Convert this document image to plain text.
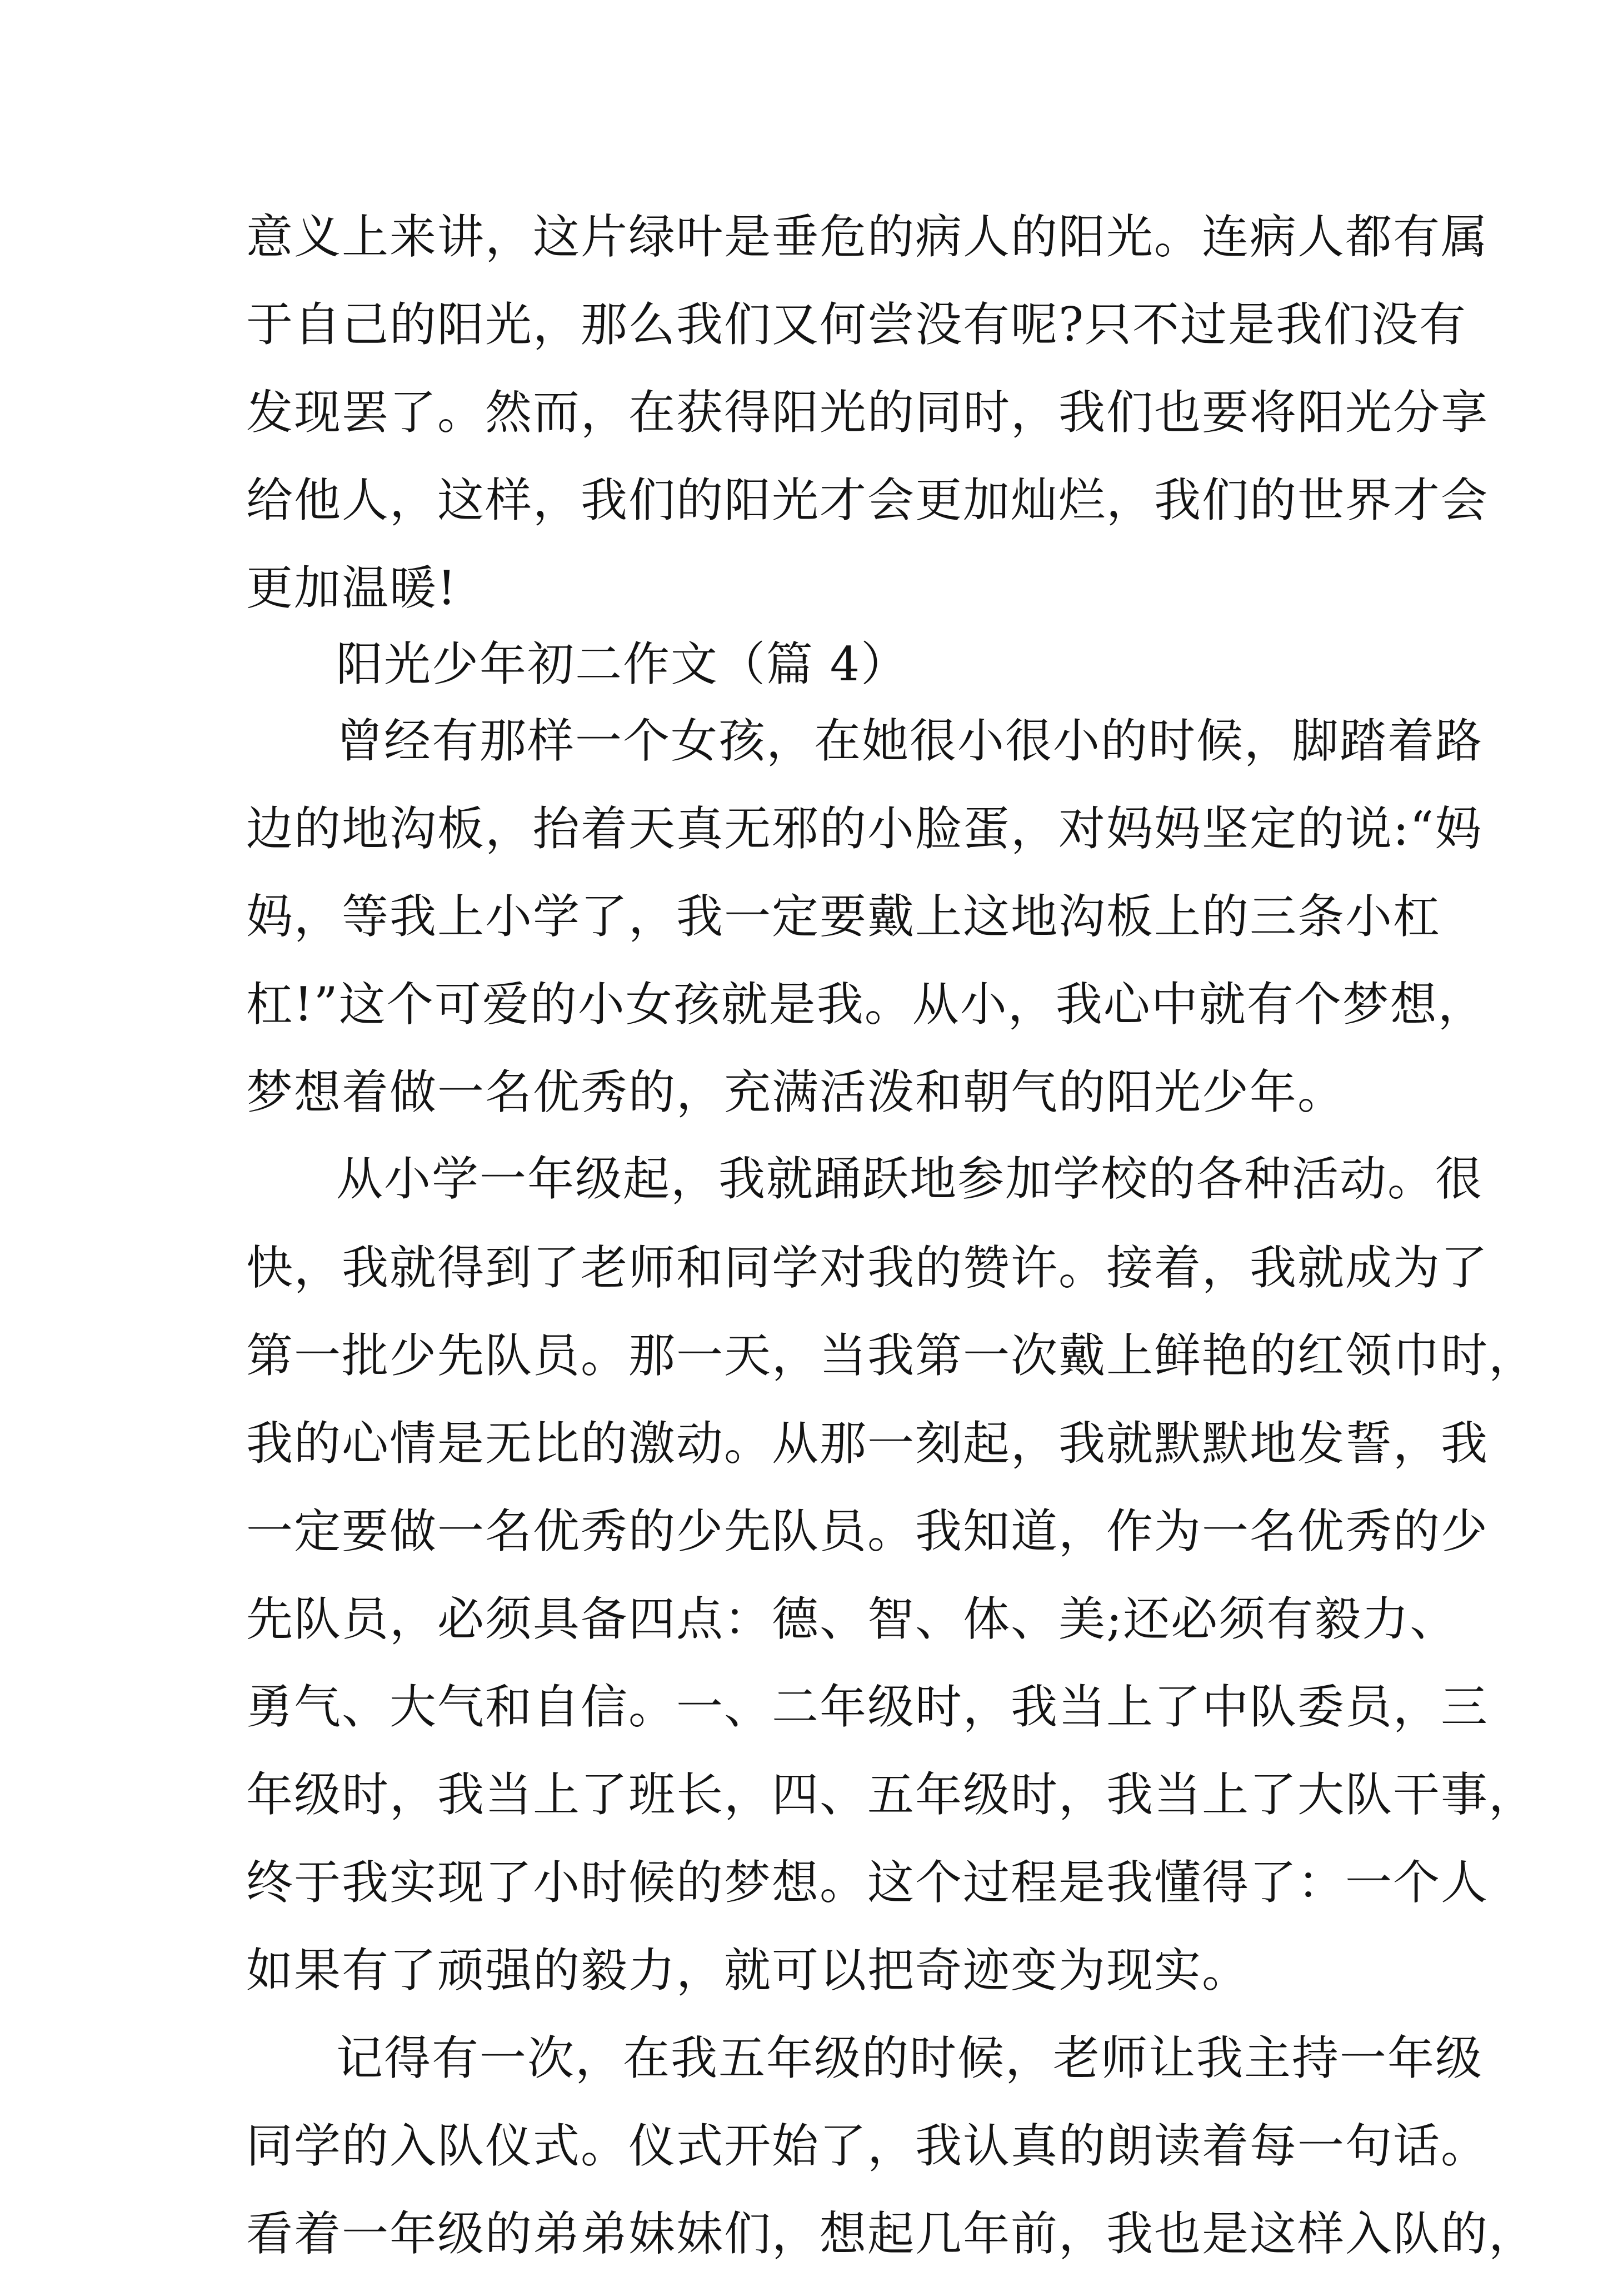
意义上来讲，这片绿叶是垂危的病人的阳光。连病人都有属
于自己的阳光，那么我们又何尝没有呢?只不过是我们没有
发现罢了。然而，在获得阳光的同时，我们也要将阳光分享
给他人，这样，我们的阳光才会更加灿烂，我们的世界才会
更加温暖!
阳光少年初二作文（篇 4）
曾经有那样一个女孩，在她很小很小的时候，脚踏着路
边的地沟板，抬着天真无邪的小脸蛋，对妈妈坚定的说:“妈
妈，等我上小学了，我一定要戴上这地沟板上的三条小杠
杠!”这个可爱的小女孩就是我。从小，我心中就有个梦想，
梦想着做一名优秀的，充满活泼和朝气的阳光少年。
从小学一年级起，我就踊跃地参加学校的各种活动。很
快，我就得到了老师和同学对我的赞许。接着，我就成为了
第一批少先队员。那一天，当我第一次戴上鲜艳的红领巾时，
我的心情是无比的激动。从那一刻起，我就默默地发誓，我
一定要做一名优秀的少先队员。我知道，作为一名优秀的少
先队员，必须具备四点：德、智、体、美;还必须有毅力、
勇气、大气和自信。一、二年级时，我当上了中队委员，三
年级时，我当上了班长，四、五年级时，我当上了大队干事，
终于我实现了小时候的梦想。这个过程是我懂得了：一个人
如果有了顽强的毅力，就可以把奇迹变为现实。
记得有一次，在我五年级的时候，老师让我主持一年级
同学的入队仪式。仪式开始了，我认真的朗读着每一句话。
看着一年级的弟弟妹妹们，想起几年前，我也是这样入队的，
